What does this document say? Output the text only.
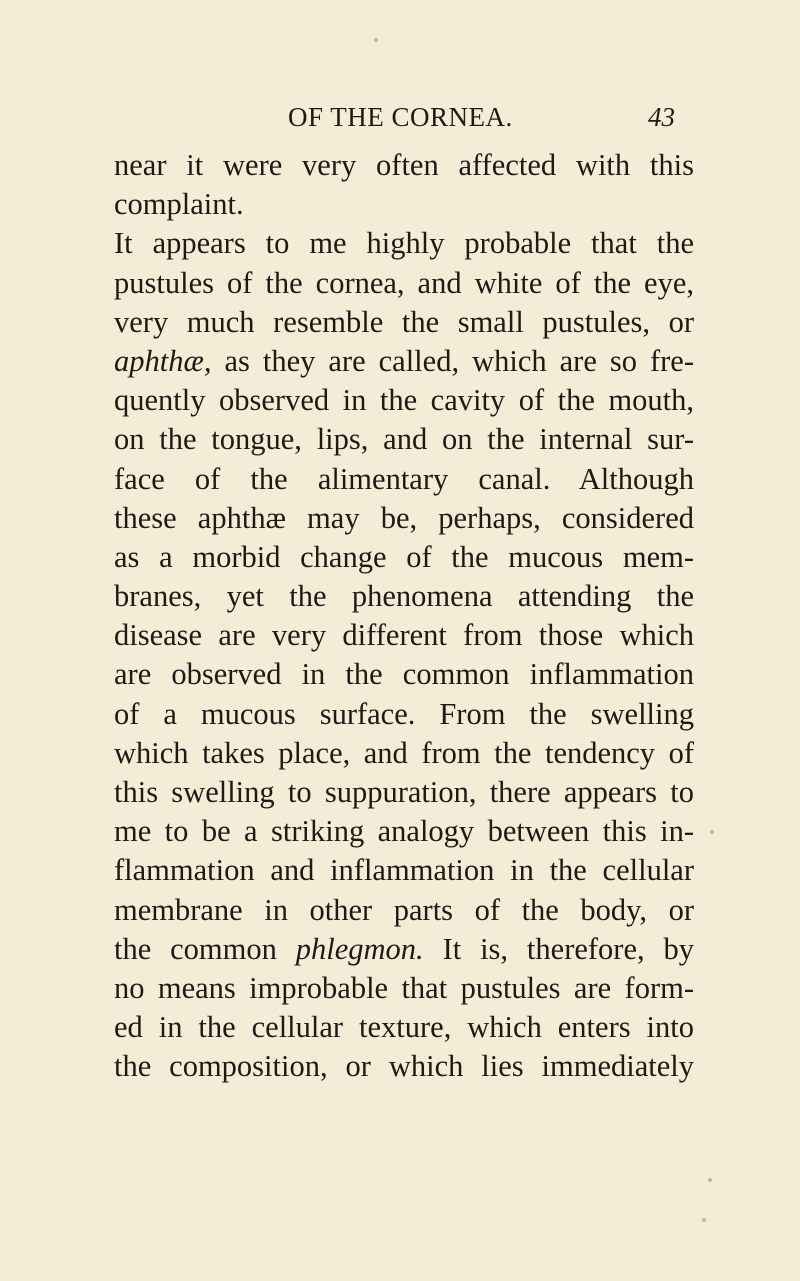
OF THE CORNEA.	43
near it were very often affected with this
complaint.
It appears to me highly probable that the
pustules of the cornea, and white of the eye,
very much resemble the small pustules, or
aphthæ, as they are called, which are so fre-
quently observed in the cavity of the mouth,
on the tongue, lips, and on the internal sur-
face of the alimentary canal. Although
these aphthæ may be, perhaps, considered
as a morbid change of the mucous mem-
branes, yet the phenomena attending the
disease are very different from those which
are observed in the common inflammation
of a mucous surface. From the swelling
which takes place, and from the tendency of
this swelling to suppuration, there appears to
me to be a striking analogy between this in-
flammation and inflammation in the cellular
membrane in other parts of the body, or
the common phlegmon. It is, therefore, by
no means improbable that pustules are form-
ed in the cellular texture, which enters into
the composition, or which lies immediately
